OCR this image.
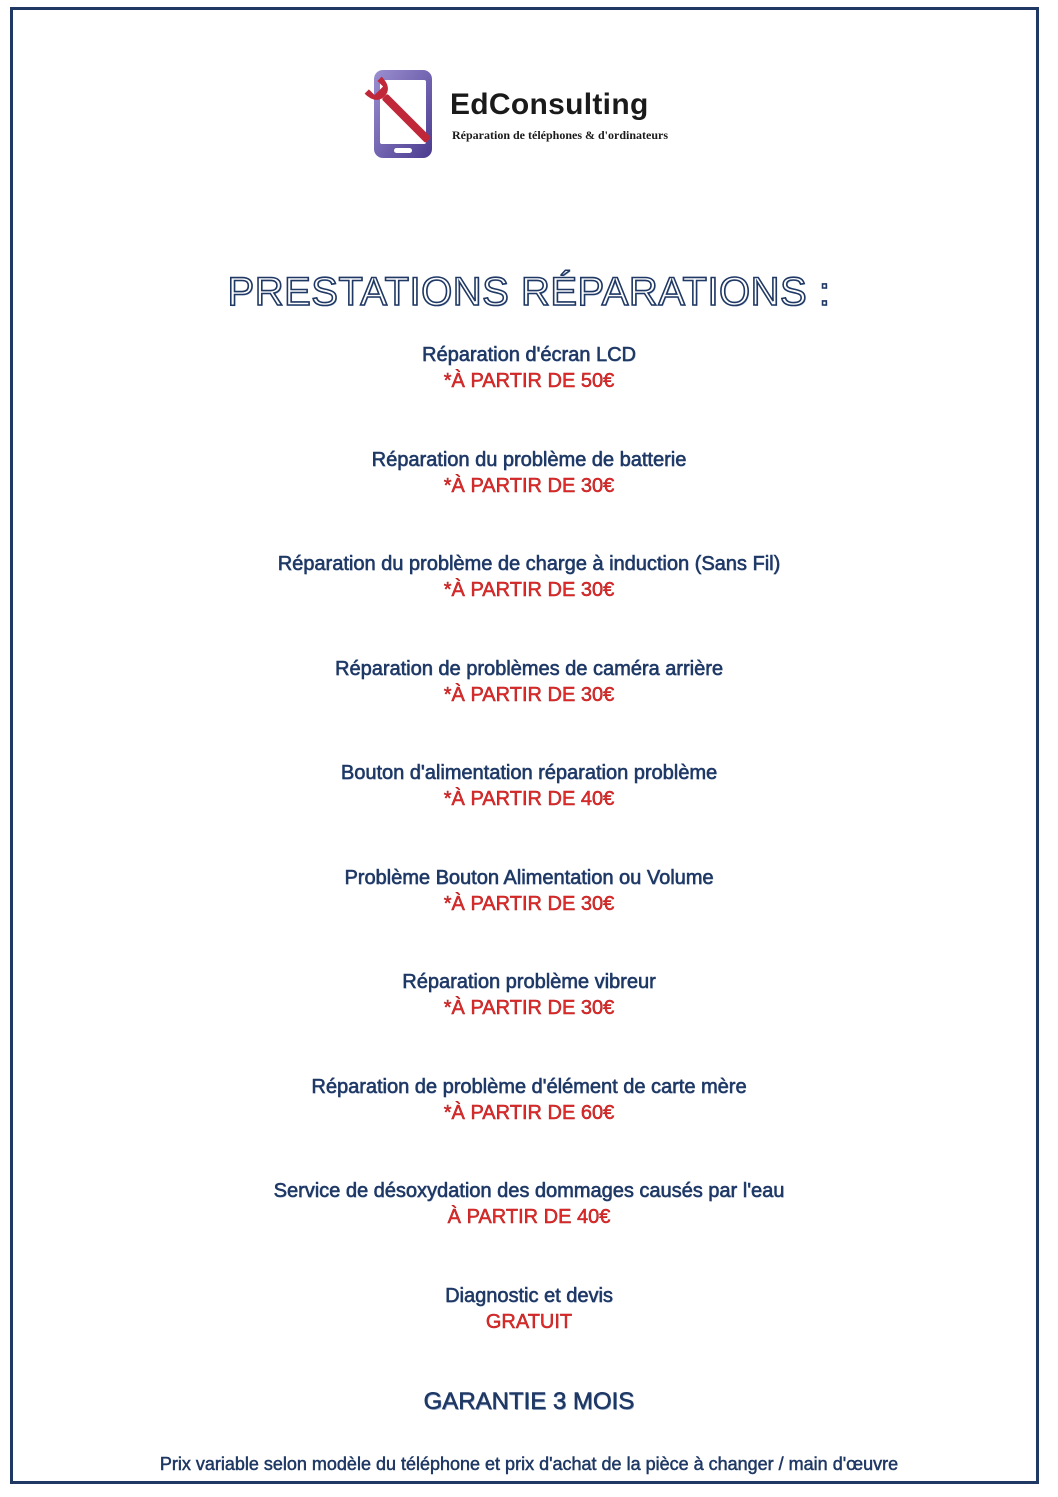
EdConsulting
Réparation de téléphones & d'ordinateurs
PRESTATIONS RÉPARATIONS :
Réparation d'écran LCD
*À PARTIR DE 50€
Réparation du problème de batterie
*À PARTIR DE 30€
Réparation du problème de charge à induction (Sans Fil)
*À PARTIR DE 30€
Réparation de problèmes de caméra arrière
*À PARTIR DE 30€
Bouton d'alimentation réparation problème
*À PARTIR DE 40€
Problème Bouton Alimentation ou Volume
*À PARTIR DE 30€
Réparation problème vibreur
*À PARTIR DE 30€
Réparation de problème d'élément de carte mère
*À PARTIR DE 60€
Service de désoxydation des dommages causés par l'eau
À PARTIR DE 40€
Diagnostic et devis
GRATUIT
GARANTIE 3 MOIS
Prix variable selon modèle du téléphone et prix d'achat de la pièce à changer / main d'œuvre
